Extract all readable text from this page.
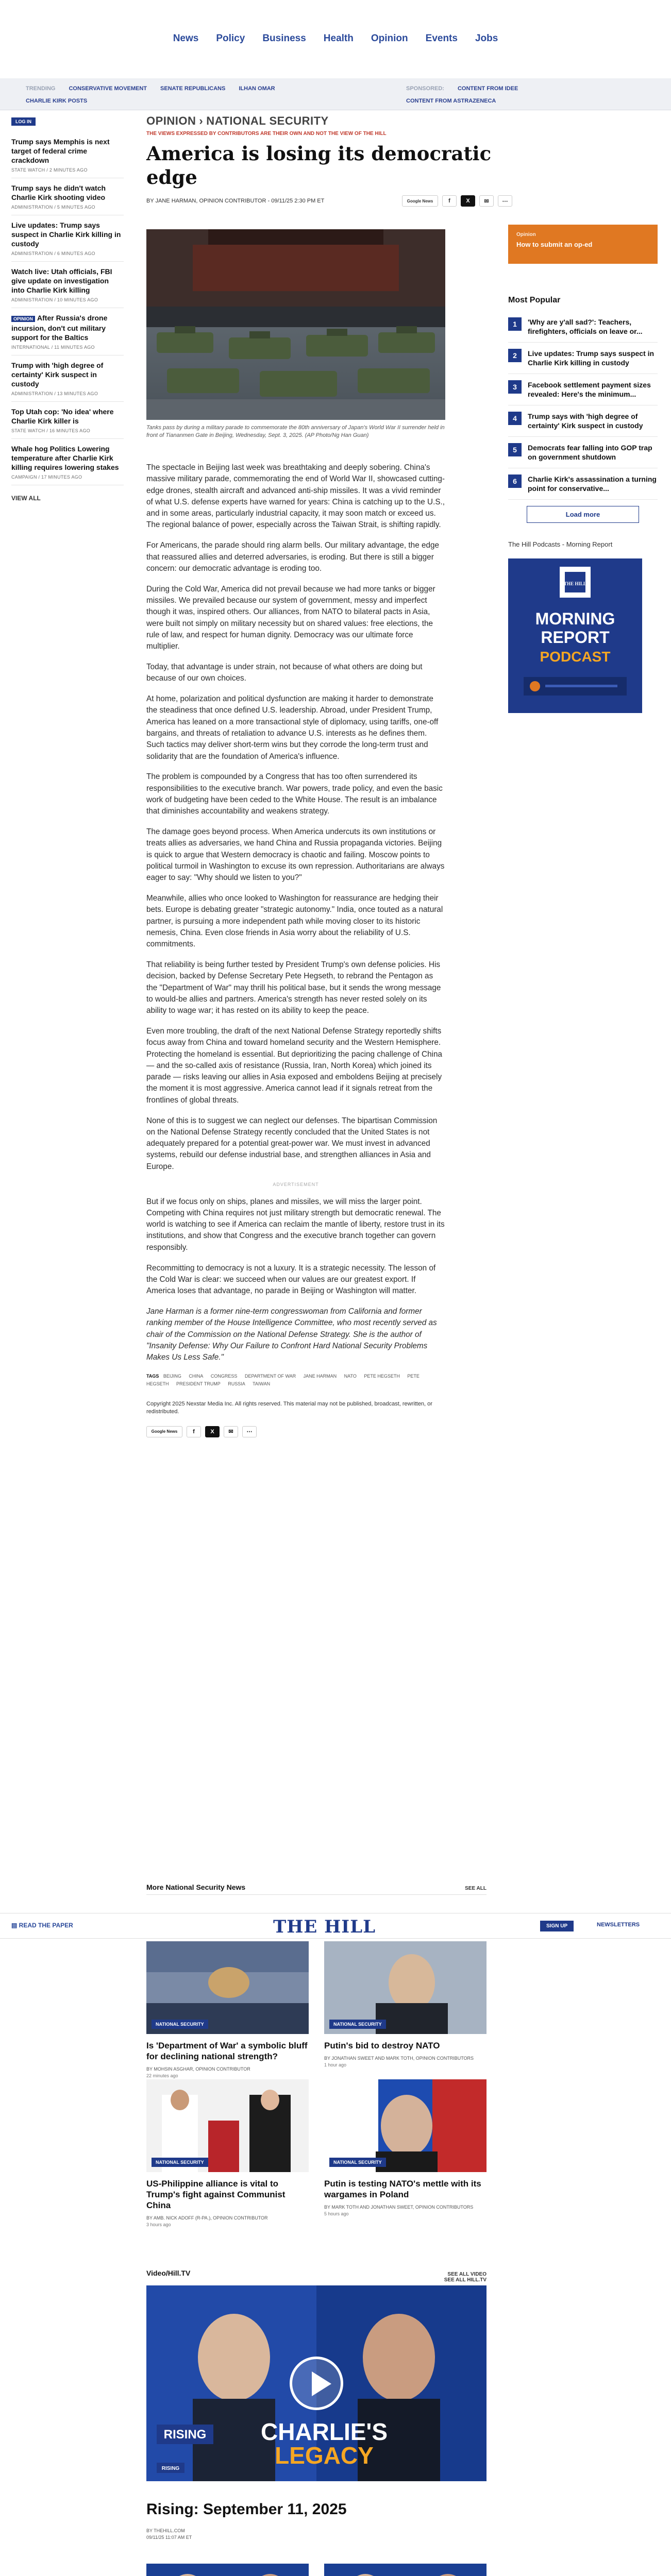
News Policy Business Health Opinion Events Jobs
TRENDING CONSERVATIVE MOVEMENT SENATE REPUBLICANS ILHAN OMAR
CHARLIE KIRK POSTS
SPONSORED: CONTENT FROM IDEE
CONTENT FROM ASTRAZENECA
LOG IN
Trump says Memphis is next target of federal crime crackdown
STATE WATCH / 2 MINUTES AGO
Trump says he didn't watch Charlie Kirk shooting video
ADMINISTRATION / 5 MINUTES AGO
Live updates: Trump says suspect in Charlie Kirk killing in custody
ADMINISTRATION / 6 MINUTES AGO
Watch live: Utah officials, FBI give update on investigation into Charlie Kirk killing
ADMINISTRATION / 10 MINUTES AGO
OPINION After Russia's drone incursion, don't cut military support for the Baltics
INTERNATIONAL / 11 MINUTES AGO
Trump with 'high degree of certainty' Kirk suspect in custody
ADMINISTRATION / 13 MINUTES AGO
Top Utah cop: 'No idea' where Charlie Kirk killer is
STATE WATCH / 16 MINUTES AGO
Whale hog Politics Lowering temperature after Charlie Kirk killing requires lowering stakes
CAMPAIGN / 17 MINUTES AGO
VIEW ALL
OPINION › NATIONAL SECURITY
THE VIEWS EXPRESSED BY CONTRIBUTORS ARE THEIR OWN AND NOT THE VIEW OF THE HILL
America is losing its democratic edge
BY JANE HARMAN, OPINION CONTRIBUTOR - 09/11/25 2:30 PM ET	Google News	f	X	✉	⋯
Tanks pass by during a military parade to commemorate the 80th anniversary of Japan's World War II surrender held in front of Tiananmen Gate in Beijing, Wednesday, Sept. 3, 2025. (AP Photo/Ng Han Guan)

The spectacle in Beijing last week was breathtaking and deeply sobering. China's massive military parade, commemorating the end of World War II, showcased cutting-edge drones, stealth aircraft and advanced anti-ship missiles. It was a vivid reminder of what U.S. defense experts have warned for years: China is catching up to the U.S., and in some areas, particularly industrial capacity, it may soon match or exceed us. The regional balance of power, especially across the Taiwan Strait, is shifting rapidly.

For Americans, the parade should ring alarm bells. Our military advantage, the edge that reassured allies and deterred adversaries, is eroding. But there is still a bigger concern: our democratic advantage is eroding too.

During the Cold War, America did not prevail because we had more tanks or bigger missiles. We prevailed because our system of government, messy and imperfect though it was, inspired others. Our alliances, from NATO to bilateral pacts in Asia, were built not simply on military necessity but on shared values: free elections, the rule of law, and respect for human dignity. Democracy was our ultimate force multiplier.

Today, that advantage is under strain, not because of what others are doing but because of our own choices.

At home, polarization and political dysfunction are making it harder to demonstrate the steadiness that once defined U.S. leadership. Abroad, under President Trump, America has leaned on a more transactional style of diplomacy, using tariffs, one-off bargains, and threats of retaliation to advance U.S. interests as he defines them. Such tactics may deliver short-term wins but they corrode the long-term trust and solidarity that are the foundation of America's influence.

The problem is compounded by a Congress that has too often surrendered its responsibilities to the executive branch. War powers, trade policy, and even the basic work of budgeting have been ceded to the White House. The result is an imbalance that diminishes accountability and weakens strategy.

The damage goes beyond process. When America undercuts its own institutions or treats allies as adversaries, we hand China and Russia propaganda victories. Beijing is quick to argue that Western democracy is chaotic and failing. Moscow points to political turmoil in Washington to excuse its own repression. Authoritarians are always eager to say: "Why should we listen to you?"

Meanwhile, allies who once looked to Washington for reassurance are hedging their bets. Europe is debating greater "strategic autonomy." India, once touted as a natural partner, is pursuing a more independent path while moving closer to its historic nemesis, China. Even close friends in Asia worry about the reliability of U.S. commitments.

That reliability is being further tested by President Trump's own defense policies. His decision, backed by Defense Secretary Pete Hegseth, to rebrand the Pentagon as the "Department of War" may thrill his political base, but it sends the wrong message to would-be allies and partners. America's strength has never rested solely on its ability to wage war; it has rested on its ability to keep the peace.

Even more troubling, the draft of the next National Defense Strategy reportedly shifts focus away from China and toward homeland security and the Western Hemisphere. Protecting the homeland is essential. But deprioritizing the pacing challenge of China — and the so-called axis of resistance (Russia, Iran, North Korea) which joined its parade — risks leaving our allies in Asia exposed and emboldens Beijing at precisely the moment it is most aggressive. America cannot lead if it signals retreat from the frontlines of global threats.

None of this is to suggest we can neglect our defenses. The bipartisan Commission on the National Defense Strategy recently concluded that the United States is not adequately prepared for a potential great-power war. We must invest in advanced systems, rebuild our defense industrial base, and strengthen alliances in Asia and Europe.

ADVERTISEMENT

But if we focus only on ships, planes and missiles, we will miss the larger point. Competing with China requires not just military strength but democratic renewal. The world is watching to see if America can reclaim the mantle of liberty, restore trust in its institutions, and show that Congress and the executive branch together can govern responsibly.

Recommitting to democracy is not a luxury. It is a strategic necessity. The lesson of the Cold War is clear: we succeed when our values are our greatest export. If America loses that advantage, no parade in Beijing or Washington will matter.

Jane Harman is a former nine-term congresswoman from California and former ranking member of the House Intelligence Committee, who most recently served as chair of the Commission on the National Defense Strategy. She is the author of "Insanity Defense: Why Our Failure to Confront Hard National Security Problems Makes Us Less Safe."

TAGS BEIJING CHINA CONGRESS DEPARTMENT OF WAR JANE HARMAN NATO PETE HEGSETH PETE HEGSETH PRESIDENT TRUMP RUSSIA TAIWAN
Copyright 2025 Nexstar Media Inc. All rights reserved. This material may not be published, broadcast, rewritten, or redistributed.
Google News	f	X	✉	⋯
Opinion
How to submit an op-ed
Most Popular
1	'Why are y'all sad?': Teachers, firefighters, officials on leave or...
2	Live updates: Trump says suspect in Charlie Kirk killing in custody
3	Facebook settlement payment sizes revealed: Here's the minimum...
4	Trump says with 'high degree of certainty' Kirk suspect in custody
5	Democrats fear falling into GOP trap on government shutdown
6	Charlie Kirk's assassination a turning point for conservative...
Load more
The Hill Podcasts - Morning Report
THE HILL
MORNING
REPORT
PODCAST
More National Security News	SEE ALL
▤ READ THE PAPER	THE HILL	SIGN UP	NEWSLETTERS
NATIONAL SECURITY
Is 'Department of War' a symbolic bluff for declining national strength?
BY MOHSIN ASGHAR, OPINION CONTRIBUTOR
22 minutes ago
NATIONAL SECURITY
Putin's bid to destroy NATO
BY JONATHAN SWEET AND MARK TOTH, OPINION CONTRIBUTORS
1 hour ago
NATIONAL SECURITY
US-Philippine alliance is vital to Trump's fight against Communist China
BY AMB. NICK ADOFF (R-PA.), OPINION CONTRIBUTOR
3 hours ago
NATIONAL SECURITY
Putin is testing NATO's mettle with its wargames in Poland
BY MARK TOTH AND JONATHAN SWEET, OPINION CONTRIBUTORS
5 hours ago
Video/Hill.TV	SEE ALL VIDEO
SEE ALL HILL.TV
CHARLIE'S
LEGACY
RISING
RISING
Rising: September 11, 2025
BY THEHILL.COM
09/11/25 11:07 AM ET
